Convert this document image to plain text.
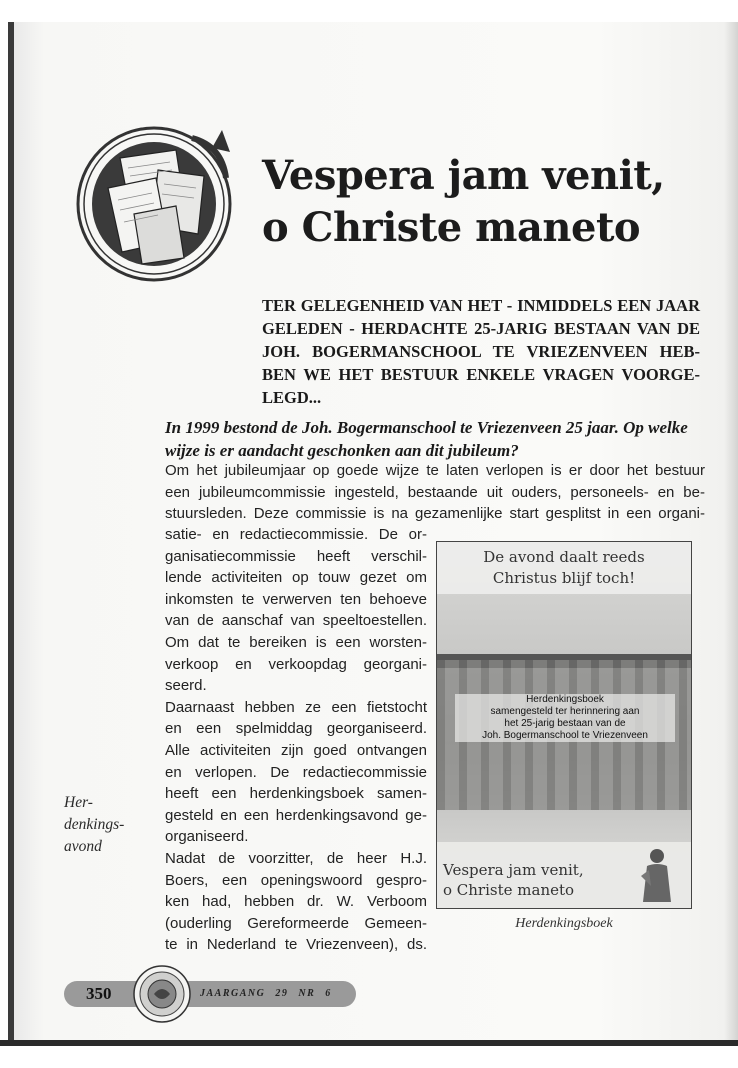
Vespera jam venit,
o Christe maneto
TER GELEGENHEID VAN HET - INMIDDELS EEN JAAR GELEDEN - HERDACHTE 25-JARIG BESTAAN VAN DE JOH. BOGERMANSCHOOL TE VRIEZENVEEN HEB-BEN WE HET BESTUUR ENKELE VRAGEN VOORGE-LEGD...
In 1999 bestond de Joh. Bogermanschool te Vriezenveen 25 jaar. Op welke wijze is er aandacht geschonken aan dit jubileum?
Om het jubileumjaar op goede wijze te laten verlopen is er door het bestuur
een jubileumcommissie ingesteld, bestaande uit ouders, personeels- en be-
stuursleden. Deze commissie is na gezamenlijke start gesplitst in een organi-
satie- en redactiecommissie. De or-
ganisatiecommissie heeft verschil-
lende activiteiten op touw gezet om
inkomsten te verwerven ten behoeve
van de aanschaf van speeltoestellen.
Om dat te bereiken is een worsten-
verkoop en verkoopdag georgani-
seerd.
Daarnaast hebben ze een fietstocht
en een spelmiddag georganiseerd.
Alle activiteiten zijn goed ontvangen
en verlopen. De redactiecommissie
heeft een herdenkingsboek samen-
gesteld en een herdenkingsavond ge-
organiseerd.
Nadat de voorzitter, de heer H.J.
Boers, een openingswoord gespro-
ken had, hebben dr. W. Verboom
(ouderling Gereformeerde Gemeen-
te in Nederland te Vriezenveen), ds.
Her-
denkings-
avond
De avond daalt reeds
Christus blijf toch!
Herdenkingsboek
samengesteld ter herinnering aan
het 25-jarig bestaan van de
Joh. Bogermanschool te Vriezenveen
Vespera jam venit,
o Christe maneto
Herdenkingsboek
350	JAARGANG 29 NR 6
